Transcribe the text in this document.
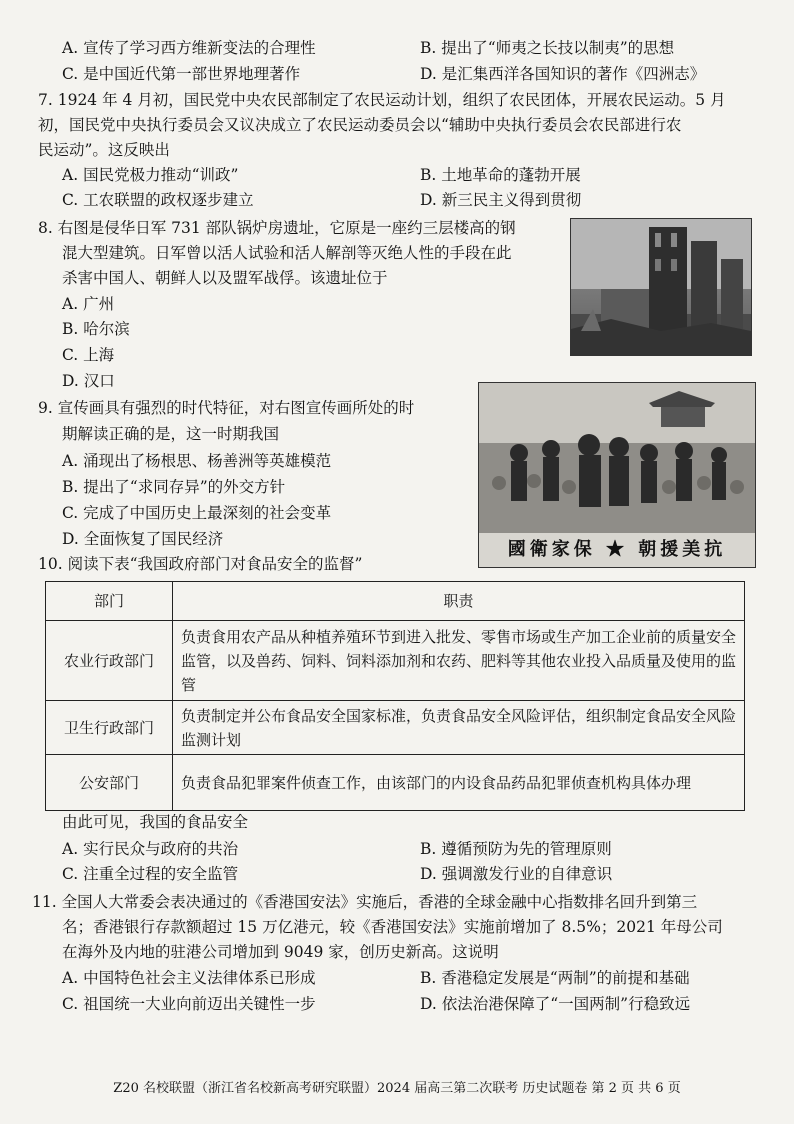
A. 宣传了学习西方维新变法的合理性	B. 提出了“师夷之长技以制夷”的思想
C. 是中国近代第一部世界地理著作	D. 是汇集西洋各国知识的著作《四洲志》
7. 1924 年 4 月初，国民党中央农民部制定了农民运动计划，组织了农民团体，开展农民运动。5 月
初，国民党中央执行委员会又议决成立了农民运动委员会以“辅助中央执行委员会农民部进行农
民运动”。这反映出
A. 国民党极力推动“训政”	B. 土地革命的蓬勃开展
C. 工农联盟的政权逐步建立	D. 新三民主义得到贯彻
8. 右图是侵华日军 731 部队锅炉房遗址，它原是一座约三层楼高的钢
混大型建筑。日军曾以活人试验和活人解剖等灭绝人性的手段在此
杀害中国人、朝鲜人以及盟军战俘。该遗址位于
A. 广州
B. 哈尔滨
C. 上海
D. 汉口
9. 宣传画具有强烈的时代特征，对右图宣传画所处的时
期解读正确的是，这一时期我国
A. 涌现出了杨根思、杨善洲等英雄模范
B. 提出了“求同存异”的外交方针
C. 完成了中国历史上最深刻的社会变革
D. 全面恢复了国民经济	國衛家保 ★ 朝援美抗
10. 阅读下表“我国政府部门对食品安全的监督”
部门	职责
农业行政部门	负责食用农产品从种植养殖环节到进入批发、零售市场或生产加工企业前的质量安全监管，以及兽药、饲料、饲料添加剂和农药、肥料等其他农业投入品质量及使用的监管
卫生行政部门	负责制定并公布食品安全国家标准，负责食品安全风险评估，组织制定食品安全风险监测计划
公安部门	负责食品犯罪案件侦查工作，由该部门的内设食品药品犯罪侦查机构具体办理
由此可见，我国的食品安全
A. 实行民众与政府的共治	B. 遵循预防为先的管理原则
C. 注重全过程的安全监管	D. 强调激发行业的自律意识
11. 全国人大常委会表决通过的《香港国安法》实施后，香港的全球金融中心指数排名回升到第三
名；香港银行存款额超过 15 万亿港元，较《香港国安法》实施前增加了 8.5%；2021 年母公司
在海外及内地的驻港公司增加到 9049 家，创历史新高。这说明
A. 中国特色社会主义法律体系已形成	B. 香港稳定发展是“两制”的前提和基础
C. 祖国统一大业向前迈出关键性一步	D. 依法治港保障了“一国两制”行稳致远
Z20 名校联盟（浙江省名校新高考研究联盟）2024 届高三第二次联考 历史试题卷 第 2 页 共 6 页
